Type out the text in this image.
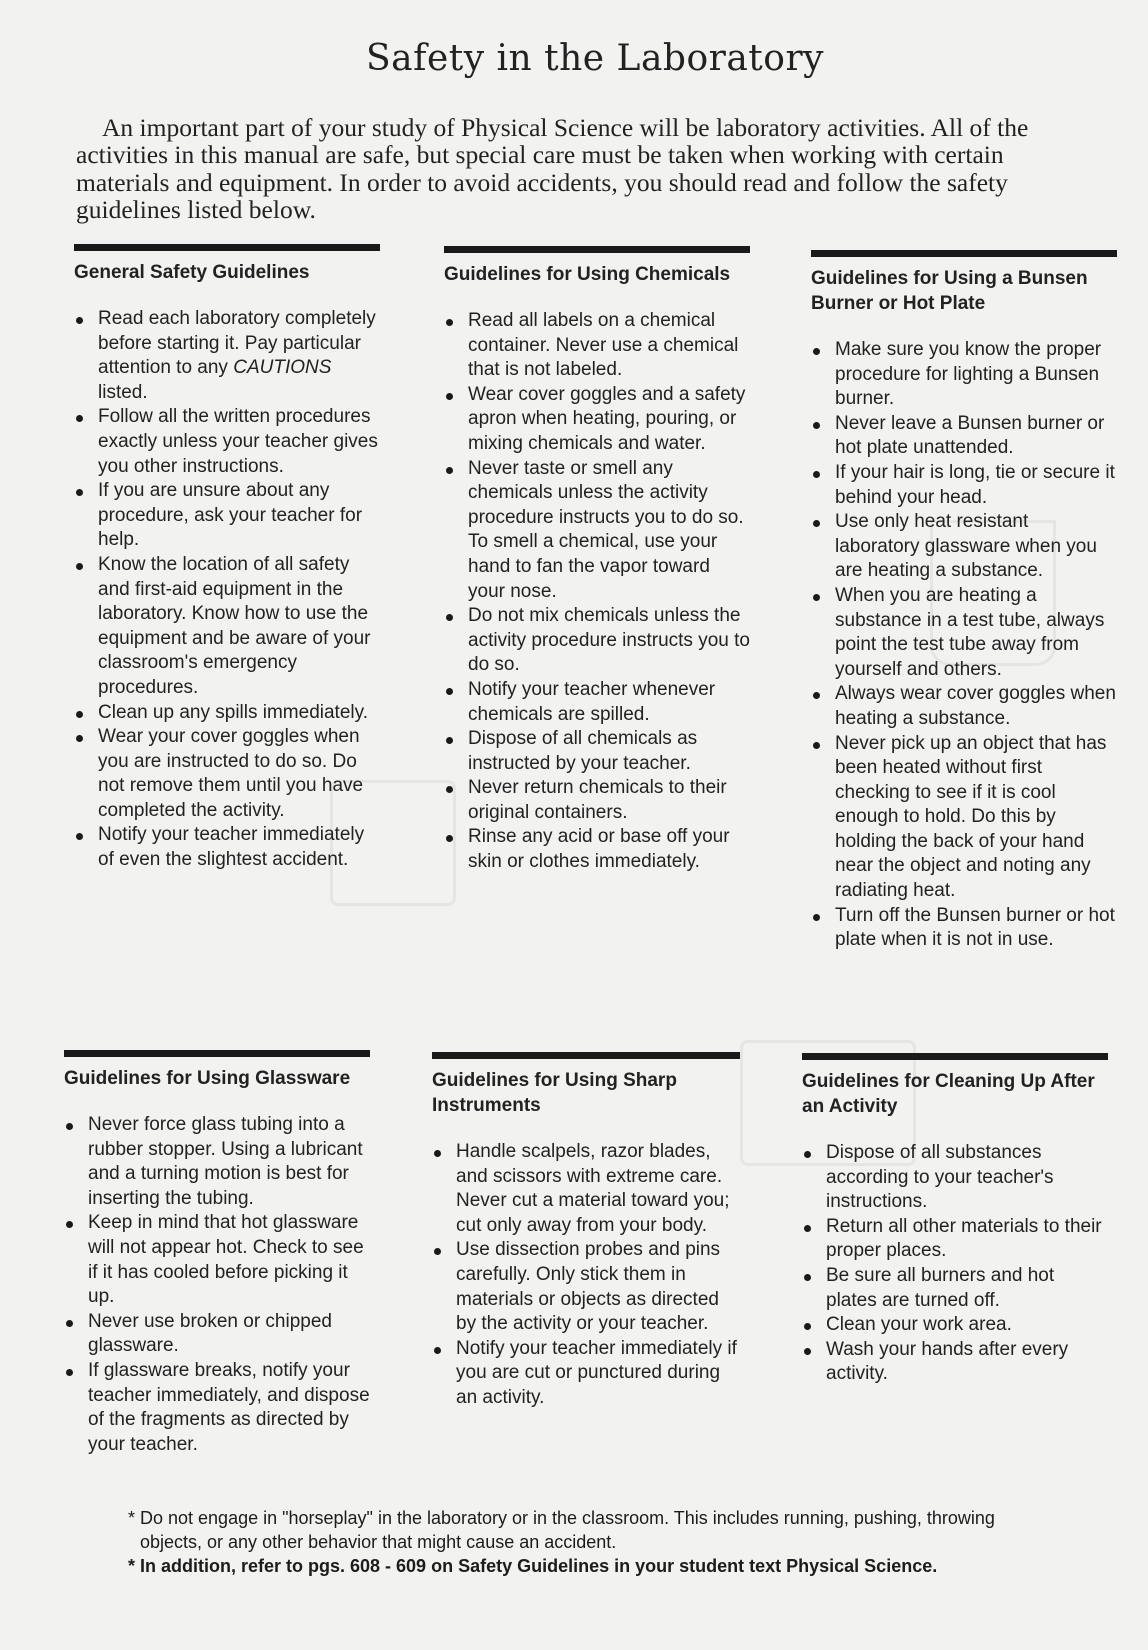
Safety in the Laboratory

An important part of your study of Physical Science will be laboratory activities. All of the activities in this manual are safe, but special care must be taken when working with certain materials and equipment. In order to avoid accidents, you should read and follow the safety guidelines listed below.

General Safety Guidelines
Read each laboratory completely before starting it. Pay particular attention to any CAUTIONS listed.
Follow all the written procedures exactly unless your teacher gives you other instructions.
If you are unsure about any procedure, ask your teacher for help.
Know the location of all safety and first-aid equipment in the laboratory. Know how to use the equipment and be aware of your classroom's emergency procedures.
Clean up any spills immediately.
Wear your cover goggles when you are instructed to do so. Do not remove them until you have completed the activity.
Notify your teacher immediately of even the slightest accident.
Guidelines for Using Chemicals
Read all labels on a chemical container. Never use a chemical that is not labeled.
Wear cover goggles and a safety apron when heating, pouring, or mixing chemicals and water.
Never taste or smell any chemicals unless the activity procedure instructs you to do so. To smell a chemical, use your hand to fan the vapor toward your nose.
Do not mix chemicals unless the activity procedure instructs you to do so.
Notify your teacher whenever chemicals are spilled.
Dispose of all chemicals as instructed by your teacher.
Never return chemicals to their original containers.
Rinse any acid or base off your skin or clothes immediately.
Guidelines for Using a Bunsen Burner or Hot Plate
Make sure you know the proper procedure for lighting a Bunsen burner.
Never leave a Bunsen burner or hot plate unattended.
If your hair is long, tie or secure it behind your head.
Use only heat resistant laboratory glassware when you are heating a substance.
When you are heating a substance in a test tube, always point the test tube away from yourself and others.
Always wear cover goggles when heating a substance.
Never pick up an object that has been heated without first checking to see if it is cool enough to hold. Do this by holding the back of your hand near the object and noting any radiating heat.
Turn off the Bunsen burner or hot plate when it is not in use.
Guidelines for Using Glassware
Never force glass tubing into a rubber stopper. Using a lubricant and a turning motion is best for inserting the tubing.
Keep in mind that hot glassware will not appear hot. Check to see if it has cooled before picking it up.
Never use broken or chipped glassware.
If glassware breaks, notify your teacher immediately, and dispose of the fragments as directed by your teacher.
Guidelines for Using Sharp Instruments
Handle scalpels, razor blades, and scissors with extreme care. Never cut a material toward you; cut only away from your body.
Use dissection probes and pins carefully. Only stick them in materials or objects as directed by the activity or your teacher.
Notify your teacher immediately if you are cut or punctured during an activity.
Guidelines for Cleaning Up After an Activity
Dispose of all substances according to your teacher's instructions.
Return all other materials to their proper places.
Be sure all burners and hot plates are turned off.
Clean your work area.
Wash your hands after every activity.

* Do not engage in "horseplay" in the laboratory or in the classroom. This includes running, pushing, throwing objects, or any other behavior that might cause an accident.

* In addition, refer to pgs. 608 - 609 on Safety Guidelines in your student text Physical Science.
